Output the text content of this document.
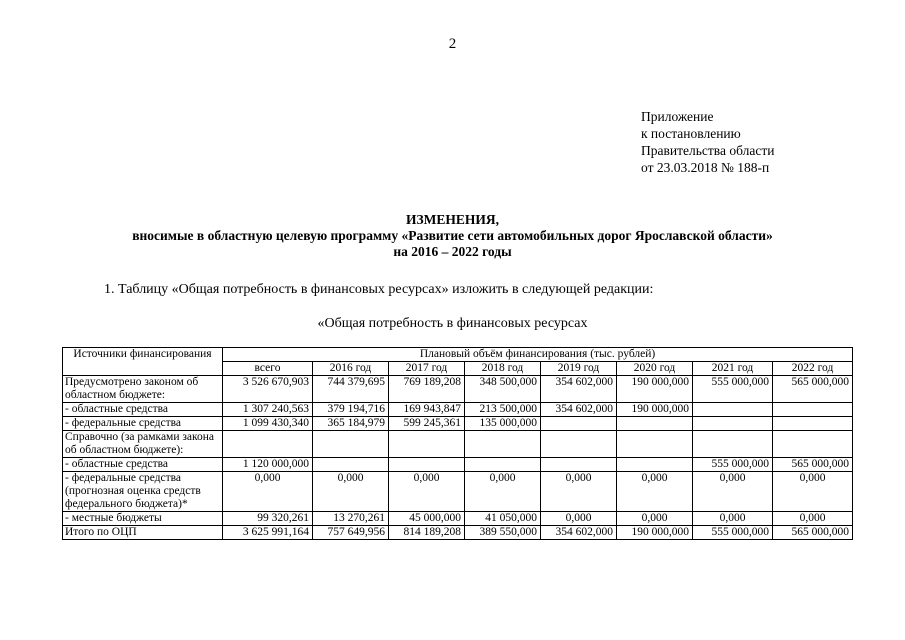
2
Приложение
к постановлению
Правительства области
от 23.03.2018 № 188-п
ИЗМЕНЕНИЯ,
вносимые в областную целевую программу «Развитие сети автомобильных дорог Ярославской области»
на 2016 – 2022 годы
1. Таблицу «Общая потребность в финансовых ресурсах» изложить в следующей редакции:
«Общая потребность в финансовых ресурсах
Источники финансирования	Плановый объём финансирования (тыс. рублей)							
	всего	2016 год	2017 год	2018 год	2019 год	2020 год	2021 год	2022 год
Предусмотрено законом об областном бюджете:	3 526 670,903	744 379,695	769 189,208	348 500,000	354 602,000	190 000,000	555 000,000	565 000,000
- областные средства	1 307 240,563	379 194,716	169 943,847	213 500,000	354 602,000	190 000,000		
- федеральные средства	1 099 430,340	365 184,979	599 245,361	135 000,000				
Справочно (за рамками закона об областном бюджете):								
- областные средства	1 120 000,000						555 000,000	565 000,000
- федеральные средства (прогнозная оценка средств федерального бюджета)*	0,000	0,000	0,000	0,000	0,000	0,000	0,000	0,000
- местные бюджеты	99 320,261	13 270,261	45 000,000	41 050,000	0,000	0,000	0,000	0,000
Итого по ОЦП	3 625 991,164	757 649,956	814 189,208	389 550,000	354 602,000	190 000,000	555 000,000	565 000,000
